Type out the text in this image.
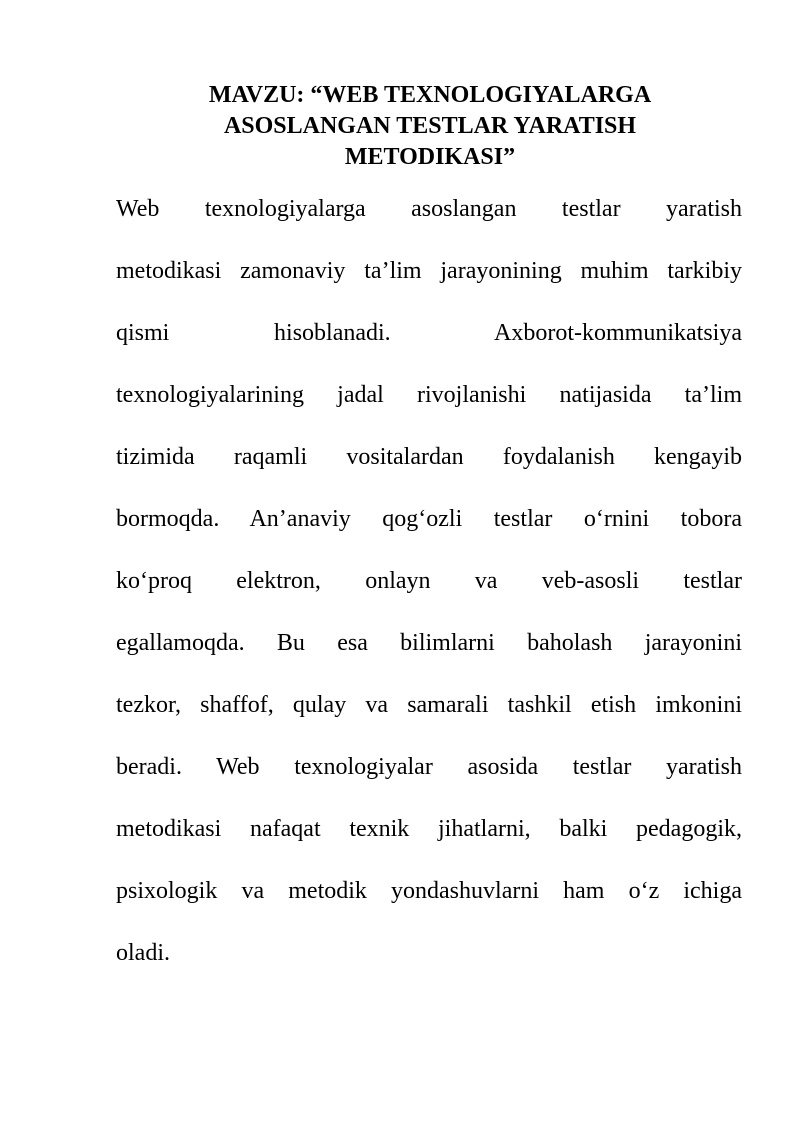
MAVZU: “WEB TEXNOLOGIYALARGA
ASOSLANGAN TESTLAR YARATISH
METODIKASI”
Web texnologiyalarga asoslangan testlar yaratish
metodikasi zamonaviy ta’lim jarayonining muhim tarkibiy
qismi hisoblanadi. Axborot-kommunikatsiya
texnologiyalarining jadal rivojlanishi natijasida ta’lim
tizimida raqamli vositalardan foydalanish kengayib
bormoqda. An’anaviy qog‘ozli testlar o‘rnini tobora
ko‘proq elektron, onlayn va veb-asosli testlar
egallamoqda. Bu esa bilimlarni baholash jarayonini
tezkor, shaffof, qulay va samarali tashkil etish imkonini
beradi. Web texnologiyalar asosida testlar yaratish
metodikasi nafaqat texnik jihatlarni, balki pedagogik,
psixologik va metodik yondashuvlarni ham o‘z ichiga
oladi.
